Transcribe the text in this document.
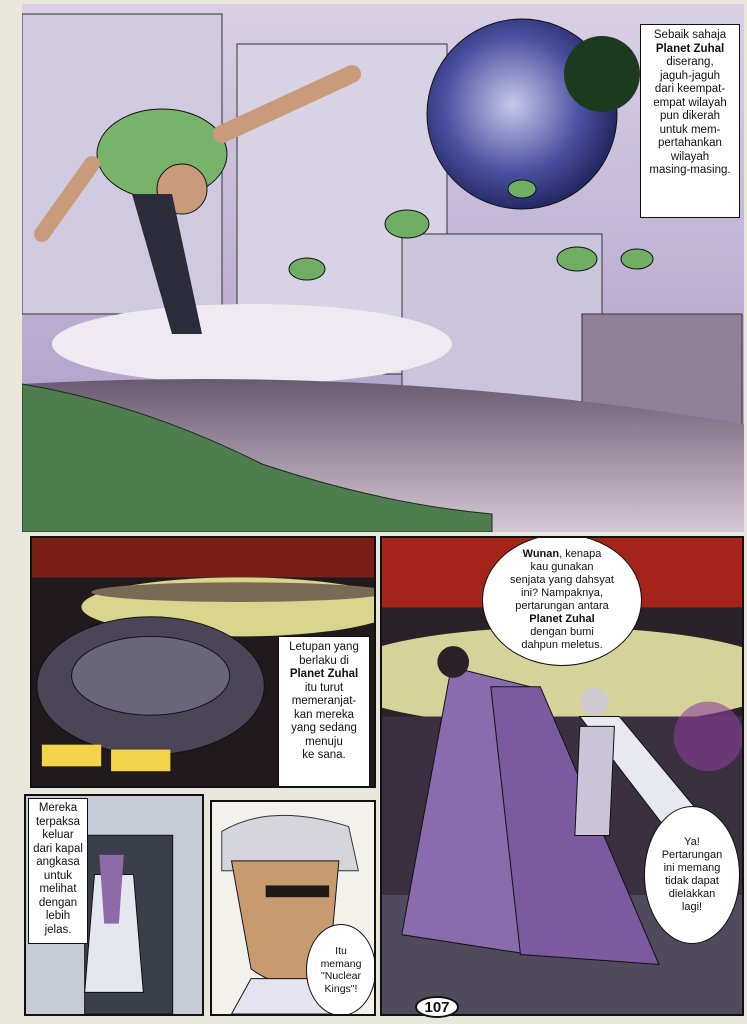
Sebaik sahaja
Planet Zuhal
diserang,
jaguh-jaguh
dari keempat-
empat wilayah
pun dikerah
untuk mem-
pertahankan
wilayah
masing-masing.
Letupan yang
berlaku di
Planet Zuhal
itu turut
memeranjat-
kan mereka
yang sedang
menuju
ke sana.
Wunan, kenapa
kau gunakan
senjata yang dahsyat
ini? Nampaknya,
pertarungan antara
Planet Zuhal
dengan bumi
dahpun meletus.
Ya!
Pertarungan
ini memang
tidak dapat
dielakkan
lagi!
Mereka
terpaksa
keluar
dari kapal
angkasa
untuk
melihat
dengan
lebih
jelas.
Itu
memang
"Nuclear
Kings"!
107
